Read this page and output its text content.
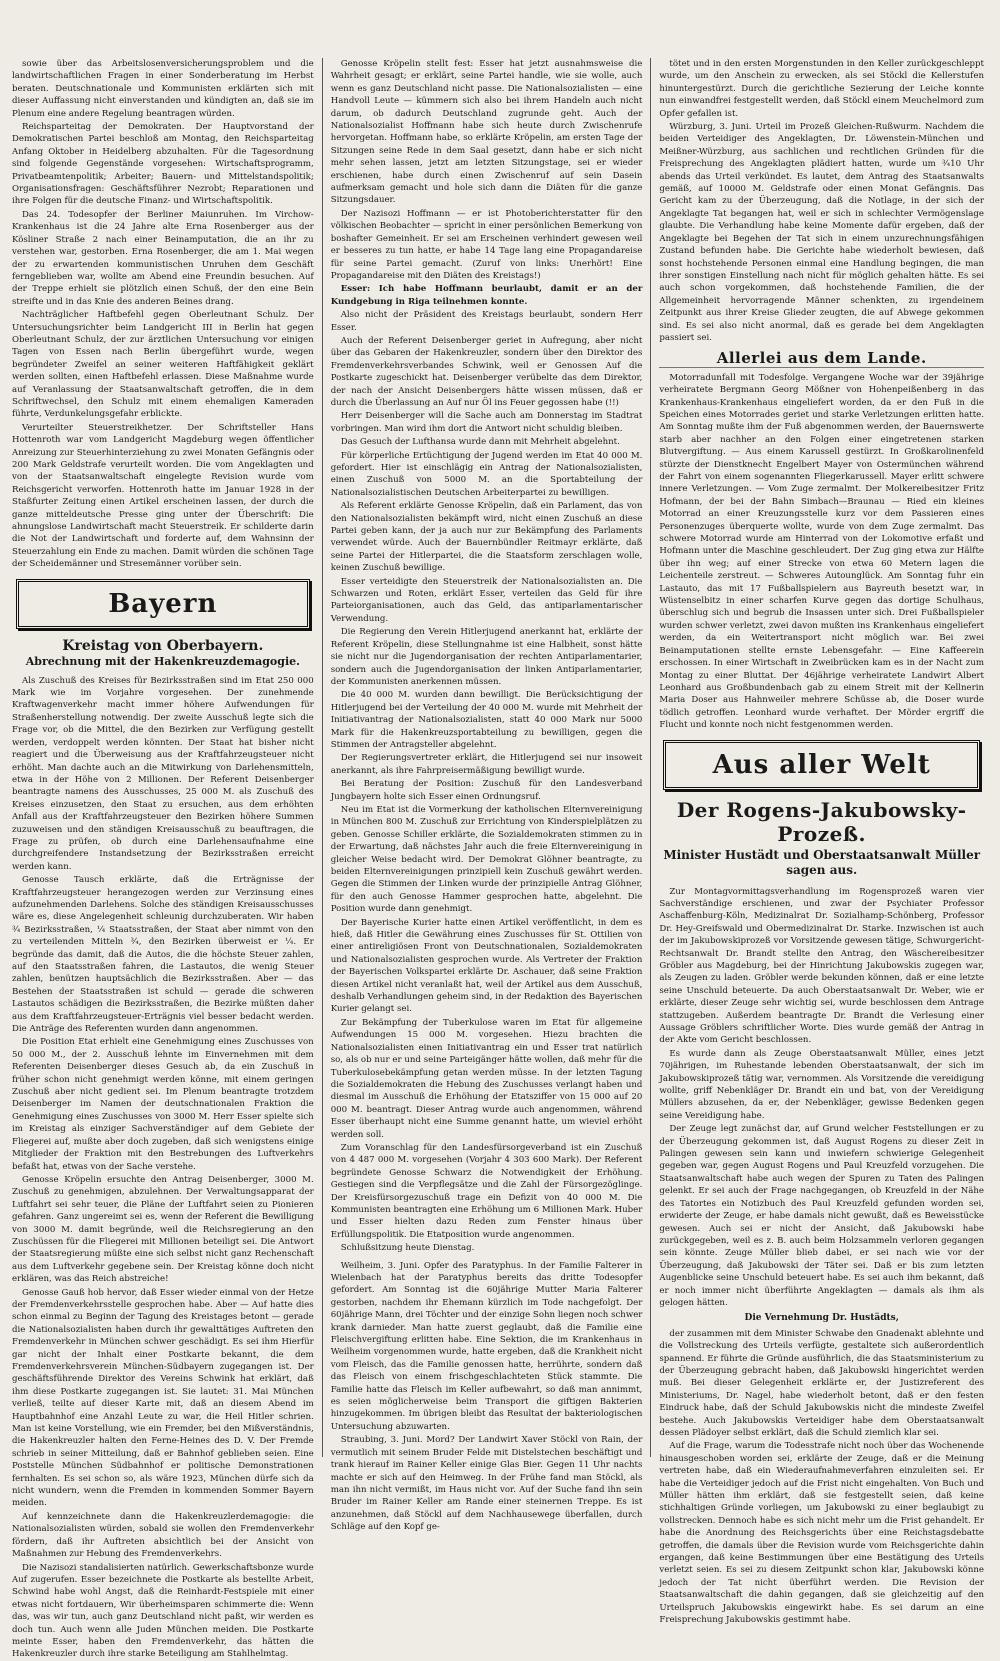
sowie über das Arbeitslosenversicherungsproblem und die landwirtschaftlichen Fragen in einer Sonderberatung im Herbst beraten. Deutschnationale und Kommunisten erklärten sich mit dieser Auffassung nicht einverstanden und kündigten an, daß sie im Plenum eine andere Regelung beantragen würden.

Reichsparteitag der Demokraten. Der Hauptvorstand der Demokratischen Partei beschloß am Montag, den Reichsparteitag Anfang Oktober in Heidelberg abzuhalten. Für die Tagesordnung sind folgende Gegenstände vorgesehen: Wirtschaftsprogramm, Privatbeamtenpolitik; Arbeiter; Bauern- und Mittelstandspolitik; Organisationsfragen: Geschäftsführer Nezrobt; Reparationen und ihre Folgen für die deutsche Finanz- und Wirtschaftspolitik.

Das 24. Todesopfer der Berliner Maiunruhen. Im Virchow-Krankenhaus ist die 24 Jahre alte Erna Rosenberger aus der Kösliner Straße 2 nach einer Beinamputation, die an ihr zu verstehen war, gestorben. Erna Rosenberger, die am 1. Mai wegen der zu erwartenden kommunistischen Unruhen dem Geschäft ferngeblieben war, wollte am Abend eine Freundin besuchen. Auf der Treppe erhielt sie plötzlich einen Schuß, der den eine Bein streifte und in das Knie des anderen Beines drang.

Nachträglicher Haftbefehl gegen Oberleutnant Schulz. Der Untersuchungsrichter beim Landgericht III in Berlin hat gegen Oberleutnant Schulz, der zur ärztlichen Untersuchung vor einigen Tagen von Essen nach Berlin übergeführt wurde, wegen begründeter Zweifel an seiner weiteren Haftfähigkeit geklärt werden sollten, einen Haftbefehl erlassen. Diese Maßnahme wurde auf Veranlassung der Staatsanwaltschaft getroffen, die in dem Schriftwechsel, den Schulz mit einem ehemaligen Kameraden führte, Verdunkelungsgefahr erblickte.

Verurteilter Steuerstreikhetzer. Der Schriftsteller Hans Hottenroth war vom Landgericht Magdeburg wegen öffentlicher Anreizung zur Steuerhinterziehung zu zwei Monaten Gefängnis oder 200 Mark Geldstrafe verurteilt worden. Die vom Angeklagten und von der Staatsanwaltschaft eingelegte Revision wurde vom Reichsgericht verworfen. Hottenroth hatte im Januar 1928 in der Staßfurter Zeitung einen Artikel erscheinen lassen, der durch die ganze mitteldeutsche Presse ging unter der Überschrift: Die ahnungslose Landwirtschaft macht Steuerstreik. Er schilderte darin die Not der Landwirtschaft und forderte auf, dem Wahnsinn der Steuerzahlung ein Ende zu machen. Damit würden die schönen Tage der Scheidemänner und Stresemänner vorüber sein.

Bayern
Kreistag von Oberbayern.
Abrechnung mit der Hakenkreuzdemagogie.

Als Zuschuß des Kreises für Bezirksstraßen sind im Etat 250 000 Mark wie im Vorjahre vorgesehen. Der zunehmende Kraftwagenverkehr macht immer höhere Aufwendungen für Straßenherstellung notwendig. Der zweite Ausschuß legte sich die Frage vor, ob die Mittel, die den Bezirken zur Verfügung gestellt werden, verdoppelt werden könnten. Der Staat hat bisher nicht reagiert und die Überweisung aus der Kraftfahrzeugsteuer nicht erhöht. Man dachte auch an die Mitwirkung von Darlehensmitteln, etwa in der Höhe von 2 Millionen. Der Referent Deisenberger beantragte namens des Ausschusses, 25 000 M. als Zuschuß des Kreises einzusetzen, den Staat zu ersuchen, aus dem erhöhten Anfall aus der Kraftfahrzeugsteuer den Bezirken höhere Summen zuzuweisen und den ständigen Kreisausschuß zu beauftragen, die Frage zu prüfen, ob durch eine Darlehensaufnahme eine durchgreifendere Instandsetzung der Bezirksstraßen erreicht werden kann.

Genosse Tausch erklärte, daß die Erträgnisse der Kraftfahrzeugsteuer herangezogen werden zur Verzinsung eines aufzunehmenden Darlehens. Solche des ständigen Kreisausschusses wäre es, diese Angelegenheit schleunig durchzuberaten. Wir haben ¾ Bezirksstraßen, ¼ Staatsstraßen, der Staat aber nimmt von den zu verteilenden Mitteln ¾, den Bezirken überweist er ¼. Er begründe das damit, daß die Autos, die die höchste Steuer zahlen, auf den Staatsstraßen fahren, die Lastautos, die wenig Steuer zahlen, benützen hauptsächlich die Bezirksstraßen. Aber — das Bestehen der Staatsstraßen ist schuld — gerade die schweren Lastautos schädigen die Bezirksstraßen, die Bezirke müßten daher aus dem Kraftfahrzeugsteuer-Erträgnis viel besser bedacht werden. Die Anträge des Referenten wurden dann angenommen.

Die Position Etat erhielt eine Genehmigung eines Zuschusses von 50 000 M., der 2. Ausschuß lehnte im Einvernehmen mit dem Referenten Deisenberger dieses Gesuch ab, da ein Zuschuß in früher schon nicht genehmigt werden könne, mit einem geringen Zuschuß aber nicht gedient sei. Im Plenum beantragte trotzdem Deisenberger im Namen der deutschnationalen Fraktion die Genehmigung eines Zuschusses von 3000 M. Herr Esser spielte sich im Kreistag als einziger Sachverständiger auf dem Gebiete der Fliegerei auf, mußte aber doch zugeben, daß sich wenigstens einige Mitglieder der Fraktion mit den Bestrebungen des Luftverkehrs befaßt hat, etwas von der Sache verstehe.

Genosse Kröpelin ersuchte den Antrag Deisenberger, 3000 M. Zuschuß zu genehmigen, abzulehnen. Der Verwaltungsapparat der Luftfahrt sei sehr teuer, die Pläne der Luftfahrt seien zu Pionieren gefahren. Ganz ungereimt sei es, wenn der Referent die Bewilligung von 3000 M. damit begründe, weil die Reichsregierung an den Zuschüssen für die Fliegerei mit Millionen beteiligt sei. Die Antwort der Staatsregierung müßte eine sich selbst nicht ganz Rechenschaft aus dem Luftverkehr gegebene sein. Der Kreistag könne doch nicht erklären, was das Reich abstreiche!

Genosse Gauß hob hervor, daß Esser wieder einmal von der Hetze der Fremdenverkehrsstelle gesprochen habe. Aber — Auf hatte dies schon einmal zu Beginn der Tagung des Kreistages betont — gerade die Nationalsozialisten haben durch ihr gewalttätiges Auftreten den Fremdenverkehr in München schwer geschädigt. Es sei ihm Hierfür gar nicht der Inhalt einer Postkarte bekannt, die dem Fremdenverkehrsverein München-Südbayern zugegangen ist. Der geschäftsführende Direktor des Vereins Schwink hat erklärt, daß ihm diese Postkarte zugegangen ist. Sie lautet: 31. Mai München verließ, teilte auf dieser Karte mit, daß an diesem Abend im Hauptbahnhof eine Anzahl Leute zu war, die Heil Hitler schrien. Man ist keine Vorstellung, wie ein Fremder, bei den Mißverständnis, die Hakenkreuzler halten den Ferne-Heines des D. V. Der Fremde schrieb in seiner Mitteilung, daß er Bahnhof geblieben seien. Eine Poststelle München Südbahnhof er politische Demonstrationen fernhalten. Es sei schon so, als wäre 1923, München dürfe sich da nicht wundern, wenn die Fremden in kommenden Sommer Bayern meiden.

Auf kennzeichnete dann die Hakenkreuzlerdemagogie: die Nationalsozialisten würden, sobald sie wollen den Fremdenverkehr fördern, daß ihr Auftreten absichtlich bei der Ansicht von Maßnahmen zur Hebung des Fremdenverkehrs.

Die Nazisozi standalisierten natürlich. Gewerkschaftsbonze wurde Auf zugerufen. Esser bezeichnete die Postkarte als bestellte Arbeit, Schwind habe wohl Angst, daß die Reinhardt-Festspiele mit einer etwas nicht fortdauern, Wir überheimsparen schimmerte die: Wenn das, was wir tun, auch ganz Deutschland nicht paßt, wir werden es doch tun. Auch wenn alle Juden München meiden. Die Postkarte meinte Esser, haben den Fremdenverkehr, das hätten die Hakenkreuzler durch ihre starke Beteiligung am Stahlhelmtag.

Genosse Kröpelin stellt fest: Esser hat jetzt ausnahmsweise die Wahrheit gesagt; er erklärt, seine Partei handle, wie sie wolle, auch wenn es ganz Deutschland nicht passe. Die Nationalsozialisten — eine Handvoll Leute — kümmern sich also bei ihrem Handeln auch nicht darum, ob dadurch Deutschland zugrunde geht. Auch der Nationalsozialist Hoffmann habe sich heute durch Zwischenrufe hervorgetan. Hoffmann habe, so erklärte Kröpelin, am ersten Tage der Sitzungen seine Rede in dem Saal gesetzt, dann habe er sich nicht mehr sehen lassen, jetzt am letzten Sitzungstage, sei er wieder erschienen, habe durch einen Zwischenruf auf sein Dasein aufmerksam gemacht und hole sich dann die Diäten für die ganze Sitzungsdauer.

Der Nazisozi Hoffmann — er ist Photoberichterstatter für den völkischen Beobachter — spricht in einer persönlichen Bemerkung von boshafter Gemeinheit. Er sei am Erscheinen verhindert gewesen weil er besseres zu tun hatte, er habe 14 Tage lang eine Propagandareise für seine Partei gemacht. (Zuruf von links: Unerhört! Eine Propagandareise mit den Diäten des Kreistags!)

Esser: Ich habe Hoffmann beurlaubt, damit er an der Kundgebung in Riga teilnehmen konnte.

Also nicht der Präsident des Kreistags beurlaubt, sondern Herr Esser.

Auch der Referent Deisenberger geriet in Aufregung, aber nicht über das Gebaren der Hakenkreuzler, sondern über den Direktor des Fremdenverkehrsverbandes Schwink, weil er Genossen Auf die Postkarte zugeschickt hat. Deisenberger verübelte das dem Direktor, der nach der Ansicht Deisenbergers hätte wissen müssen, daß er durch die Überlassung an Auf nur Öl ins Feuer gegossen habe (!!)

Herr Deisenberger will die Sache auch am Donnerstag im Stadtrat vorbringen. Man wird ihm dort die Antwort nicht schuldig bleiben.

Das Gesuch der Lufthansa wurde dann mit Mehrheit abgelehnt.

Für körperliche Ertüchtigung der Jugend werden im Etat 40 000 M. gefordert. Hier ist einschlägig ein Antrag der Nationalsozialisten, einen Zuschuß von 5000 M. an die Sportabteilung der Nationalsozialistischen Deutschen Arbeiterpartei zu bewilligen.

Als Referent erklärte Genosse Kröpelin, daß ein Parlament, das von den Nationalsozialisten bekämpft wird, nicht einen Zuschuß an diese Partei geben kann, der ja auch nur zur Bekämpfung des Parlaments verwendet würde. Auch der Bauernbündler Reitmayr erklärte, daß seine Partei der Hitlerpartei, die die Staatsform zerschlagen wolle, keinen Zuschuß bewillige.

Esser verteidigte den Steuerstreik der Nationalsozialisten an. Die Schwarzen und Roten, erklärt Esser, verteilen das Geld für ihre Parteiorganisationen, auch das Geld, das antiparlamentarischer Verwendung.

Die Regierung den Verein Hitlerjugend anerkannt hat, erklärte der Referent Kröpelin, diese Stellungnahme ist eine Halbheit, sonst hätte sie nicht nur die Jugendorganisation der rechten Antiparlamentarier, sondern auch die Jugendorganisation der linken Antiparlamentarier, der Kommunisten anerkennen müssen.

Die 40 000 M. wurden dann bewilligt. Die Berücksichtigung der Hitlerjugend bei der Verteilung der 40 000 M. wurde mit Mehrheit der Initiativantrag der Nationalsozialisten, statt 40 000 Mark nur 5000 Mark für die Hakenkreuzsportabteilung zu bewilligen, gegen die Stimmen der Antragsteller abgelehnt.

Der Regierungsvertreter erklärt, die Hitlerjugend sei nur insoweit anerkannt, als ihre Fahrpreisermäßigung bewilligt wurde.

Bei Beratung der Position: Zuschuß für den Landesverband Jungbayern holte sich Esser einen Ordnungsruf.

Neu im Etat ist die Vormerkung der katholischen Elternvereinigung in München 800 M. Zuschuß zur Errichtung von Kinderspielplätzen zu geben. Genosse Schiller erklärte, die Sozialdemokraten stimmen zu in der Erwartung, daß nächstes Jahr auch die freie Elternvereinigung in gleicher Weise bedacht wird. Der Demokrat Glöhner beantragte, zu beiden Elternvereinigungen prinzipiell kein Zuschuß gewährt werden. Gegen die Stimmen der Linken wurde der prinzipielle Antrag Glöhner, für den auch Genosse Hammer gesprochen hatte, abgelehnt. Die Position wurde dann genehmigt.

Der Bayerische Kurier hatte einen Artikel veröffentlicht, in dem es hieß, daß Hitler die Gewährung eines Zuschusses für St. Ottilien von einer antireligiösen Front von Deutschnationalen, Sozialdemokraten und Nationalsozialisten gesprochen wurde. Als Vertreter der Fraktion der Bayerischen Volkspartei erklärte Dr. Aschauer, daß seine Fraktion diesen Artikel nicht veranlaßt hat, weil der Artikel aus dem Ausschuß, deshalb Verhandlungen geheim sind, in der Redaktion des Bayerischen Kurier gelangt sei.

Zur Bekämpfung der Tuberkulose waren im Etat für allgemeine Aufwendungen 15 000 M. vorgesehen. Hiezu brachten die Nationalsozialisten einen Initiativantrag ein und Esser trat natürlich so, als ob nur er und seine Parteigänger hätte wollen, daß mehr für die Tuberkulosebekämpfung getan werden müsse. In der letzten Tagung die Sozialdemokraten die Hebung des Zuschusses verlangt haben und diesmal im Ausschuß die Erhöhung der Etatsziffer von 15 000 auf 20 000 M. beantragt. Dieser Antrag wurde auch angenommen, während Esser überhaupt nicht eine Summe genannt hatte, um wieviel erhöht werden soll.

Zum Voranschlag für den Landesfürsorgeverband ist ein Zuschuß von 4 487 000 M. vorgesehen (Vorjahr 4 303 600 Mark). Der Referent begründete Genosse Schwarz die Notwendigkeit der Erhöhung. Gestiegen sind die Verpflegsätze und die Zahl der Fürsorgezöglinge. Der Kreisfürsorgezuschuß trage ein Defizit von 40 000 M. Die Kommunisten beantragten eine Erhöhung um 6 Millionen Mark. Huber und Esser hielten dazu Reden zum Fenster hinaus über Erfüllungspolitik. Die Etatposition wurde angenommen.

Schlußsitzung heute Dienstag.

Weilheim, 3. Juni. Opfer des Paratyphus. In der Familie Falterer in Wielenbach hat der Paratyphus bereits das dritte Todesopfer gefordert. Am Sonntag ist die 60jährige Mutter Maria Falterer gestorben, nachdem ihr Ehemann kürzlich im Tode nachgefolgt. Der 60jährige Mann, drei Töchter und der einzige Sohn liegen noch schwer krank darnieder. Man hatte zuerst geglaubt, daß die Familie eine Fleischvergiftung erlitten habe. Eine Sektion, die im Krankenhaus in Weilheim vorgenommen wurde, hatte ergeben, daß die Krankheit nicht vom Fleisch, das die Familie genossen hatte, herrührte, sondern daß das Fleisch von einem frischgeschlachteten Stück stammte. Die Familie hatte das Fleisch im Keller aufbewahrt, so daß man annimmt, es seien möglicherweise beim Transport die giftigen Bakterien hinzugekommen. Im übrigen bleibt das Resultat der bakteriologischen Untersuchung abzuwarten.

Straubing, 3. Juni. Mord? Der Landwirt Xaver Stöckl von Rain, der vermutlich mit seinem Bruder Felde mit Distelstechen beschäftigt und trank hierauf im Rainer Keller einige Glas Bier. Gegen 11 Uhr nachts machte er sich auf den Heimweg. In der Frühe fand man Stöckl, als man ihn nicht vermißt, im Haus nicht vor. Auf der Suche fand ihn sein Bruder im Rainer Keller am Rande einer steinernen Treppe. Es ist anzunehmen, daß Stöckl auf dem Nachhausewege überfallen, durch Schläge auf den Kopf ge-

tötet und in den ersten Morgenstunden in den Keller zurückgeschleppt wurde, um den Anschein zu erwecken, als sei Stöckl die Kellerstufen hinuntergestürzt. Durch die gerichtliche Sezierung der Leiche konnte nun einwandfrei festgestellt werden, daß Stöckl einem Meuchelmord zum Opfer gefallen ist.

Würzburg, 3. Juni. Urteil im Prozeß Gleichen-Rußwurm. Nachdem die beiden Verteidiger des Angeklagten, Dr. Löwenstein-München und Meißner-Würzburg, aus sachlichen und rechtlichen Gründen für die Freisprechung des Angeklagten plädiert hatten, wurde um ¾10 Uhr abends das Urteil verkündet. Es lautet, dem Antrag des Staatsanwalts gemäß, auf 10000 M. Geldstrafe oder einen Monat Gefängnis. Das Gericht kam zu der Überzeugung, daß die Notlage, in der sich der Angeklagte Tat begangen hat, weil er sich in schlechter Vermögenslage glaubte. Die Verhandlung habe keine Momente dafür ergeben, daß der Angeklagte bei Begehen der Tat sich in einem unzurechnungsfähigen Zustand befunden habe. Die Gerichte habe wiederholt bewiesen, daß sonst hochstehende Personen einmal eine Handlung begingen, die man ihrer sonstigen Einstellung nach nicht für möglich gehalten hätte. Es sei auch schon vorgekommen, daß hochstehende Familien, die der Allgemeinheit hervorragende Männer schenkten, zu irgendeinem Zeitpunkt aus ihrer Kreise Glieder zeugten, die auf Abwege gekommen sind. Es sei also nicht anormal, daß es gerade bei dem Angeklagten passiert sei.

Allerlei aus dem Lande.

Motorradunfall mit Todesfolge. Vergangene Woche war der 39jährige verheiratete Bergmann Georg Mößner von Hohenpeißenberg in das Krankenhaus-Krankenhaus eingeliefert worden, da er den Fuß in die Speichen eines Motorrades geriet und starke Verletzungen erlitten hatte. Am Sonntag mußte ihm der Fuß abgenommen werden, der Bauernswerte starb aber nachher an den Folgen einer eingetretenen starken Blutvergiftung. — Aus einem Karussell gestürzt. In Großkarolinenfeld stürzte der Dienstknecht Engelbert Mayer von Ostermünchen während der Fahrt von einem sogenannten Fliegerkarussell. Mayer erlitt schwere innere Verletzungen. — Vom Zuge zermalmt. Der Molkereibesitzer Fritz Hofmann, der bei der Bahn Simbach—Braunau — Ried ein kleines Motorrad an einer Kreuzungsstelle kurz vor dem Passieren eines Personenzuges überquerte wollte, wurde von dem Zuge zermalmt. Das schwere Motorrad wurde am Hinterrad von der Lokomotive erfaßt und Hofmann unter die Maschine geschleudert. Der Zug ging etwa zur Hälfte über ihn weg; auf einer Strecke von etwa 60 Metern lagen die Leichenteile zerstreut. — Schweres Autounglück. Am Sonntag fuhr ein Lastauto, das mit 17 Fußballspielern aus Bayreuth besetzt war, in Wüstenselbitz in einer scharfen Kurve gegen das dortige Schulhaus, überschlug sich und begrub die Insassen unter sich. Drei Fußballspieler wurden schwer verletzt, zwei davon mußten ins Krankenhaus eingeliefert werden, da ein Weitertransport nicht möglich war. Bei zwei Beinamputationen stellte ernste Lebensgefahr. — Eine Kaffeerein erschossen. In einer Wirtschaft in Zweibrücken kam es in der Nacht zum Montag zu einer Bluttat. Der 46jährige verheiratete Landwirt Albert Leonhard aus Großbundenbach gab zu einem Streit mit der Kellnerin Maria Doser aus Hahnweiler mehrere Schüsse ab, die Doser wurde tödlich getroffen. Leonhard wurde verhaftet. Der Mörder ergriff die Flucht und konnte noch nicht festgenommen werden.

Aus aller Welt
Der Rogens-Jakubowsky-Prozeß.
Minister Hustädt und Oberstaatsanwalt Müller sagen aus.

Zur Montagvormittagsverhandlung im Rogensprozeß waren vier Sachverständige erschienen, und zwar der Psychiater Professor Aschaffenburg-Köln, Medizinalrat Dr. Sozialhamp-Schönberg, Professor Dr. Hey-Greifswald und Obermedizinalrat Dr. Starke. Inzwischen ist auch der im Jakubowskiprozeß vor Vorsitzende gewesen tätige, Schwurgericht-Rechtsanwalt Dr. Brandt stellte den Antrag, den Wäschereibesitzer Gröbler aus Magdeburg, bei der Hinrichtung Jakubowskis zugegen war, als Zeugen zu laden. Gröbler werde bekunden können, daß er eine letzte seine Unschuld beteuerte. Da auch Oberstaatsanwalt Dr. Weber, wie er erklärte, dieser Zeuge sehr wichtig sei, wurde beschlossen dem Antrage stattzugeben. Außerdem beantragte Dr. Brandt die Verlesung einer Aussage Gröblers schriftlicher Worte. Dies wurde gemäß der Antrag in der Akte vom Gericht beschlossen.

Es wurde dann als Zeuge Oberstaatsanwalt Müller, eines jetzt 70jährigen, im Ruhestande lebenden Oberstaatsanwalt, der sich im Jakubowskiprozeß tätig war, vernommen. Als Vorsitzende die vereidigung wollte, griff Nebenkläger Dr. Brandt ein und bat, von der Vereidigung Müllers abzusehen, da er, der Nebenkläger, gewisse Bedenken gegen seine Vereidigung habe.

Der Zeuge legt zunächst dar, auf Grund welcher Feststellungen er zu der Überzeugung gekommen ist, daß August Rogens zu dieser Zeit in Palingen gewesen sein kann und inwiefern schwierige Gelegenheit gegeben war, gegen August Rogens und Paul Kreuzfeld vorzugehen. Die Staatsanwaltschaft habe auch wegen der Spuren zu Taten des Palingen gelenkt. Er sei auch der Frage nachgegangen, ob Kreuzfeld in der Nähe des Tatortes ein Notizbuch des Paul Kreuzfeld gefunden worden sei, erwiderte der Zeuge, er habe damals nicht gewußt, daß es Beweisstücke gewesen. Auch sei er nicht der Ansicht, daß Jakubowski habe zurückgegeben, weil es z. B. auch beim Holzsammeln verloren gegangen sein könnte. Zeuge Müller blieb dabei, er sei nach wie vor der Überzeugung, daß Jakubowski der Täter sei. Daß er bis zum letzten Augenblicke seine Unschuld beteuert habe. Es sei auch ihm bekannt, daß er noch immer nicht überführte Angeklagten — damals als ihm als gelogen hätten.

Die Vernehmung Dr. Hustädts,

der zusammen mit dem Minister Schwabe den Gnadenakt ablehnte und die Vollstreckung des Urteils verfügte, gestaltete sich außerordentlich spannend. Er führte die Gründe ausführlich, die das Staatsministerium zu der Überzeugung gebracht haben, daß Jakubowski hingerichtet werden muß. Bei dieser Gelegenheit erklärte er, der Justizreferent des Ministeriums, Dr. Nagel, habe wiederholt betont, daß er den festen Eindruck habe, daß der Schuld Jakubowskis nicht die mindeste Zweifel bestehe. Auch Jakubowskis Verteidiger habe dem Oberstaatsanwalt dessen Plädoyer selbst erklärt, daß die Schuld ziemlich klar sei.

Auf die Frage, warum die Todesstrafe nicht noch über das Wochenende hinausgeschoben worden sei, erklärte der Zeuge, daß er die Meinung vertreten habe, daß ein Wiederaufnahmeverfahren einzuleiten sei. Er habe die Verteidiger jedoch auf die Frist nicht eingehalten. Von Buch und Müller hätten ihm erklärt, daß sie festgestellt seien, daß keine stichhaltigen Gründe vorliegen, um Jakubowski zu einer beglaubigt zu vollstrecken. Dennoch habe es sich nicht mehr um die Frist gehandelt. Er habe die Anordnung des Reichsgerichts über eine Reichstagsdebatte getroffen, die damals über die Revision wurde vom Reichsgerichte dahin ergangen, daß keine Bestimmungen über eine Bestätigung des Urteils verletzt seien. Es sei zu diesem Zeitpunkt schon klar, Jakubowski könne jedoch der Tat nicht überführt werden. Die Revision der Staatsanwaltschaft die dahin gegangen, daß sie gleichzeitig auf den Urteilspruch Jakubowskis eingewirkt habe. Es sei darum an eine Freisprechung Jakubowskis gestimmt habe.
